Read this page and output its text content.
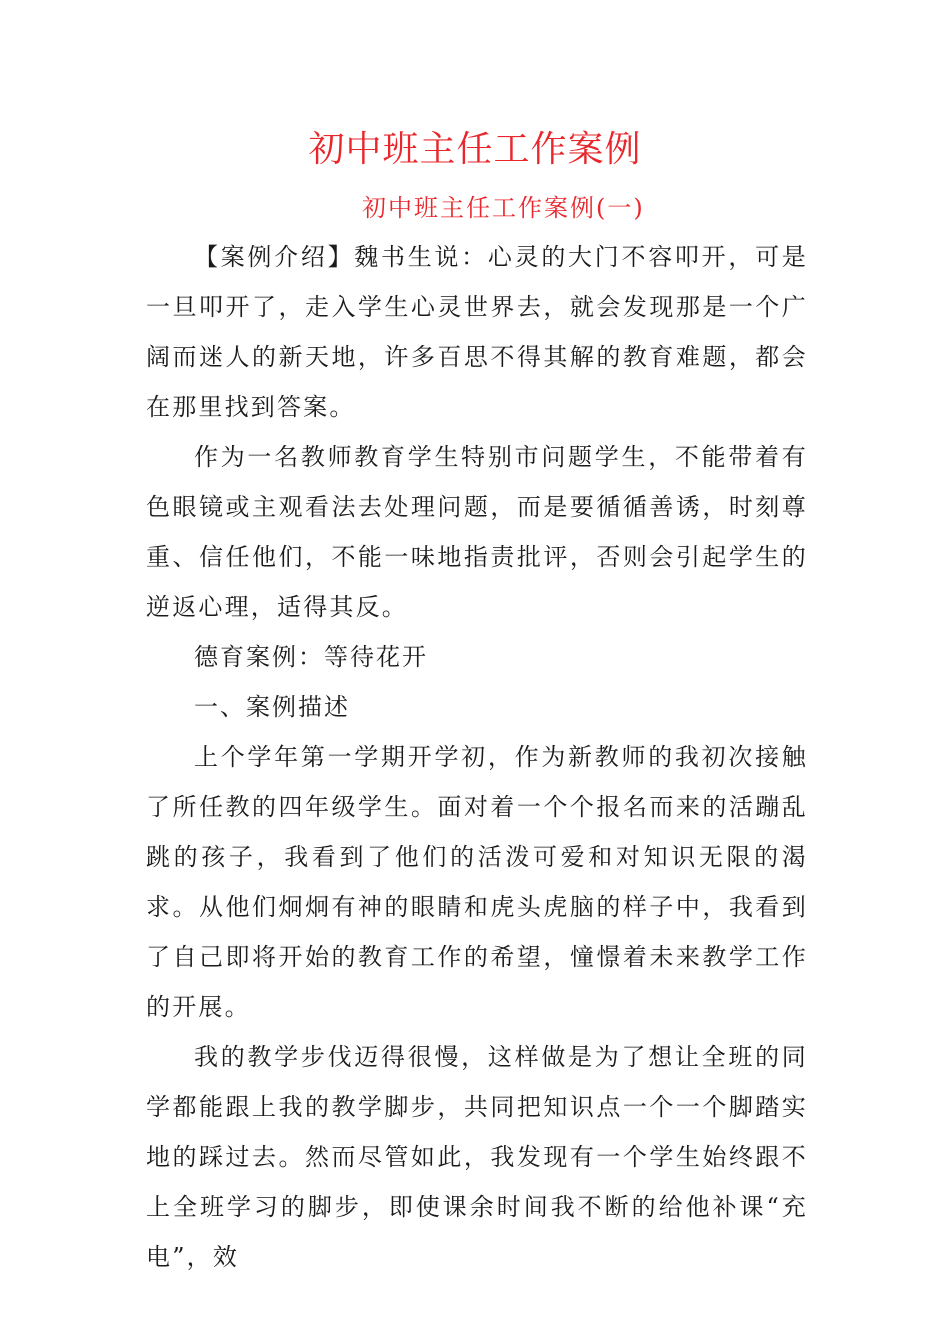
初中班主任工作案例
初中班主任工作案例(一)

【案例介绍】魏书生说：心灵的大门不容叩开，可是一旦叩开了，走入学生心灵世界去，就会发现那是一个广阔而迷人的新天地，许多百思不得其解的教育难题，都会在那里找到答案。

作为一名教师教育学生特别市问题学生，不能带着有色眼镜或主观看法去处理问题，而是要循循善诱，时刻尊重、信任他们，不能一味地指责批评，否则会引起学生的逆返心理，适得其反。

德育案例：等待花开

一、案例描述

上个学年第一学期开学初，作为新教师的我初次接触了所任教的四年级学生。面对着一个个报名而来的活蹦乱跳的孩子，我看到了他们的活泼可爱和对知识无限的渴求。从他们炯炯有神的眼睛和虎头虎脑的样子中，我看到了自己即将开始的教育工作的希望，憧憬着未来教学工作的开展。

我的教学步伐迈得很慢，这样做是为了想让全班的同学都能跟上我的教学脚步，共同把知识点一个一个脚踏实地的踩过去。然而尽管如此，我发现有一个学生始终跟不上全班学习的脚步，即使课余时间我不断的给他补课“充电”，效
